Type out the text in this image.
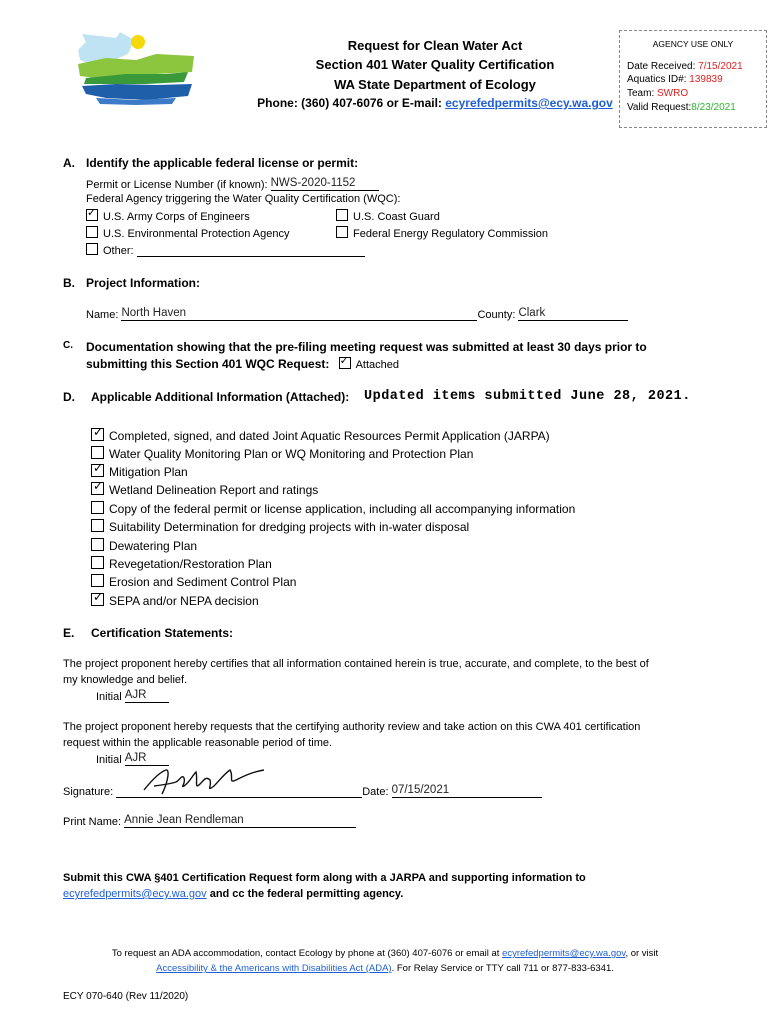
Request for Clean Water Act
Section 401 Water Quality Certification
WA State Department of Ecology
Phone: (360) 407-6076 or E-mail: ecyrefedpermits@ecy.wa.gov
AGENCY USE ONLY
Date Received: 7/15/2021
Aquatics ID#: 139839
Team: SWRO
Valid Request:8/23/2021
A. Identify the applicable federal license or permit:
Permit or License Number (if known): NWS-2020-1152
Federal Agency triggering the Water Quality Certification (WQC):
✓U.S. Army Corps of Engineers	U.S. Coast Guard
U.S. Environmental Protection Agency	Federal Energy Regulatory Commission
Other:
B. Project Information:
Name: North Haven	County: Clark
C. Documentation showing that the pre-filing meeting request was submitted at least 30 days prior to
submitting this Section 401 WQC Request: ✓ Attached
D. Applicable Additional Information (Attached): Updated items submitted June 28, 2021.
✓Completed, signed, and dated Joint Aquatic Resources Permit Application (JARPA)
Water Quality Monitoring Plan or WQ Monitoring and Protection Plan
✓Mitigation Plan
✓Wetland Delineation Report and ratings
Copy of the federal permit or license application, including all accompanying information
Suitability Determination for dredging projects with in-water disposal
Dewatering Plan
Revegetation/Restoration Plan
Erosion and Sediment Control Plan
✓SEPA and/or NEPA decision
E. Certification Statements:
The project proponent hereby certifies that all information contained herein is true, accurate, and complete, to the best of
my knowledge and belief.
Initial AJR
The project proponent hereby requests that the certifying authority review and take action on this CWA 401 certification
request within the applicable reasonable period of time.
Initial AJR
Signature:	Date: 07/15/2021
Print Name: Annie Jean Rendleman
Submit this CWA §401 Certification Request form along with a JARPA and supporting information to
ecyrefedpermits@ecy.wa.gov and cc the federal permitting agency.
To request an ADA accommodation, contact Ecology by phone at (360) 407-6076 or email at ecyrefedpermits@ecy.wa.gov, or visit
Accessibility & the Americans with Disabilities Act (ADA). For Relay Service or TTY call 711 or 877-833-6341.
ECY 070-640 (Rev 11/2020)
